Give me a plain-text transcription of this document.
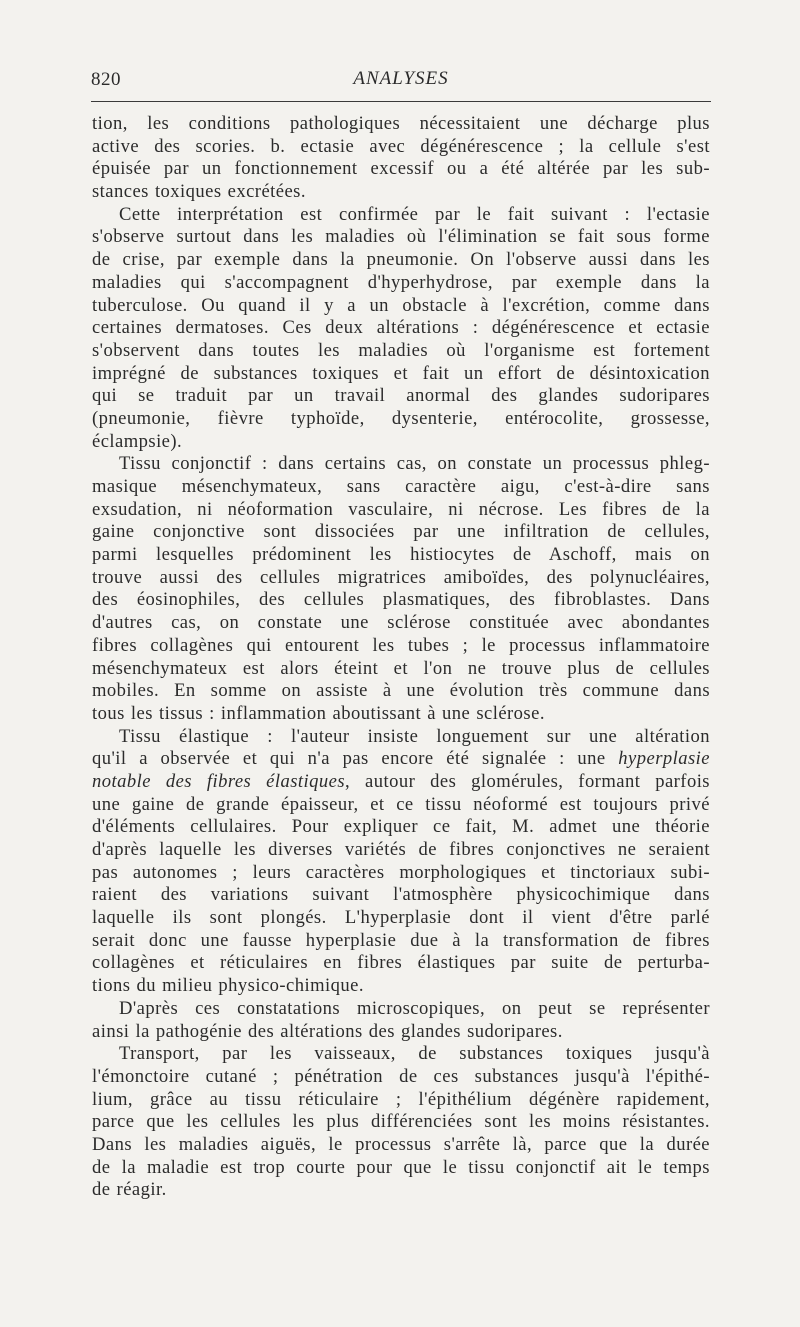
820	ANALYSES
tion, les conditions pathologiques nécessitaient une décharge plus
active des scories. b. ectasie avec dégénérescence ; la cellule s'est
épuisée par un fonctionnement excessif ou a été altérée par les sub-
stances toxiques excrétées.
Cette interprétation est confirmée par le fait suivant : l'ectasie
s'observe surtout dans les maladies où l'élimination se fait sous forme
de crise, par exemple dans la pneumonie. On l'observe aussi dans les
maladies qui s'accompagnent d'hyperhydrose, par exemple dans la
tuberculose. Ou quand il y a un obstacle à l'excrétion, comme dans
certaines dermatoses. Ces deux altérations : dégénérescence et ectasie
s'observent dans toutes les maladies où l'organisme est fortement
imprégné de substances toxiques et fait un effort de désintoxication
qui se traduit par un travail anormal des glandes sudoripares
(pneumonie, fièvre typhoïde, dysenterie, entérocolite, grossesse,
éclampsie).
Tissu conjonctif : dans certains cas, on constate un processus phleg-
masique mésenchymateux, sans caractère aigu, c'est-à-dire sans
exsudation, ni néoformation vasculaire, ni nécrose. Les fibres de la
gaine conjonctive sont dissociées par une infiltration de cellules,
parmi lesquelles prédominent les histiocytes de Aschoff, mais on
trouve aussi des cellules migratrices amiboïdes, des polynucléaires,
des éosinophiles, des cellules plasmatiques, des fibroblastes. Dans
d'autres cas, on constate une sclérose constituée avec abondantes
fibres collagènes qui entourent les tubes ; le processus inflammatoire
mésenchymateux est alors éteint et l'on ne trouve plus de cellules
mobiles. En somme on assiste à une évolution très commune dans
tous les tissus : inflammation aboutissant à une sclérose.
Tissu élastique : l'auteur insiste longuement sur une altération
qu'il a observée et qui n'a pas encore été signalée : une hyperplasie
notable des fibres élastiques, autour des glomérules, formant parfois
une gaine de grande épaisseur, et ce tissu néoformé est toujours privé
d'éléments cellulaires. Pour expliquer ce fait, M. admet une théorie
d'après laquelle les diverses variétés de fibres conjonctives ne seraient
pas autonomes ; leurs caractères morphologiques et tinctoriaux subi-
raient des variations suivant l'atmosphère physicochimique dans
laquelle ils sont plongés. L'hyperplasie dont il vient d'être parlé
serait donc une fausse hyperplasie due à la transformation de fibres
collagènes et réticulaires en fibres élastiques par suite de perturba-
tions du milieu physico-chimique.
D'après ces constatations microscopiques, on peut se représenter
ainsi la pathogénie des altérations des glandes sudoripares.
Transport, par les vaisseaux, de substances toxiques jusqu'à
l'émonctoire cutané ; pénétration de ces substances jusqu'à l'épithé-
lium, grâce au tissu réticulaire ; l'épithélium dégénère rapidement,
parce que les cellules les plus différenciées sont les moins résistantes.
Dans les maladies aiguës, le processus s'arrête là, parce que la durée
de la maladie est trop courte pour que le tissu conjonctif ait le temps
de réagir.
